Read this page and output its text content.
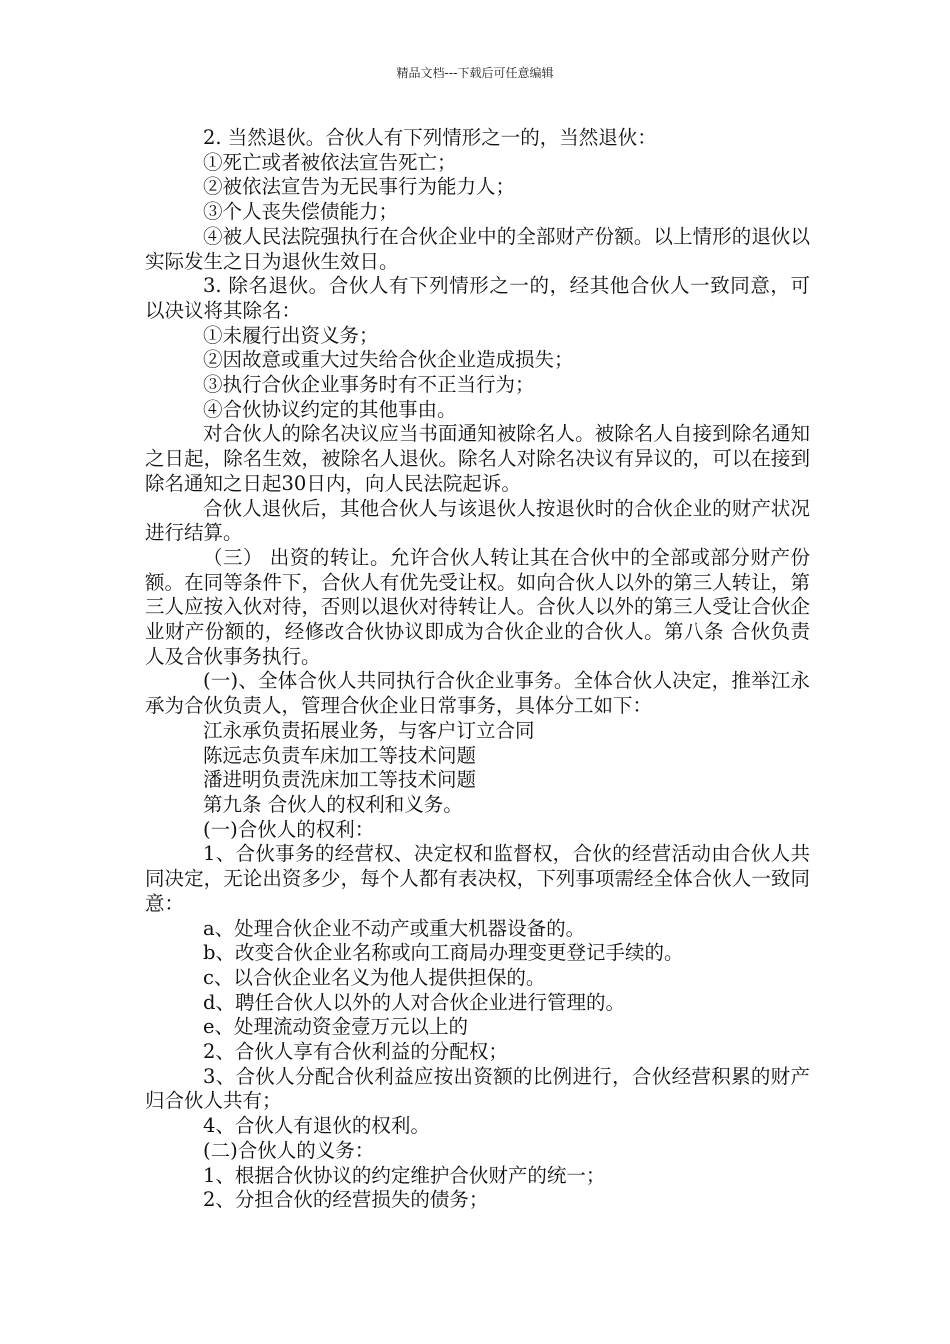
精品文档---下载后可任意编辑

2. 当然退伙。合伙人有下列情形之一的，当然退伙：

①死亡或者被依法宣告死亡；

②被依法宣告为无民事行为能力人；

③个人丧失偿债能力；

④被人民法院强执行在合伙企业中的全部财产份额。以上情形的退伙以实际发生之日为退伙生效日。

3. 除名退伙。合伙人有下列情形之一的，经其他合伙人一致同意，可以决议将其除名：

①未履行出资义务；

②因故意或重大过失给合伙企业造成损失；

③执行合伙企业事务时有不正当行为；

④合伙协议约定的其他事由。

对合伙人的除名决议应当书面通知被除名人。被除名人自接到除名通知之日起，除名生效，被除名人退伙。除名人对除名决议有异议的，可以在接到除名通知之日起30日内，向人民法院起诉。

合伙人退伙后，其他合伙人与该退伙人按退伙时的合伙企业的财产状况进行结算。

（三） 出资的转让。允许合伙人转让其在合伙中的全部或部分财产份额。在同等条件下，合伙人有优先受让权。如向合伙人以外的第三人转让，第三人应按入伙对待，否则以退伙对待转让人。合伙人以外的第三人受让合伙企业财产份额的，经修改合伙协议即成为合伙企业的合伙人。第八条 合伙负责人及合伙事务执行。

(一)、全体合伙人共同执行合伙企业事务。全体合伙人决定，推举江永承为合伙负责人，管理合伙企业日常事务，具体分工如下：

江永承负责拓展业务，与客户订立合同

陈远志负责车床加工等技术问题

潘进明负责洗床加工等技术问题

第九条 合伙人的权利和义务。

(一)合伙人的权利：

1、合伙事务的经营权、决定权和监督权，合伙的经营活动由合伙人共同决定，无论出资多少，每个人都有表决权，下列事项需经全体合伙人一致同意：

a、处理合伙企业不动产或重大机器设备的。

b、改变合伙企业名称或向工商局办理变更登记手续的。

c、以合伙企业名义为他人提供担保的。

d、聘任合伙人以外的人对合伙企业进行管理的。

e、处理流动资金壹万元以上的

2、合伙人享有合伙利益的分配权；

3、合伙人分配合伙利益应按出资额的比例进行，合伙经营积累的财产归合伙人共有；

4、合伙人有退伙的权利。

(二)合伙人的义务：

1、根据合伙协议的约定维护合伙财产的统一；

2、分担合伙的经营损失的债务；
